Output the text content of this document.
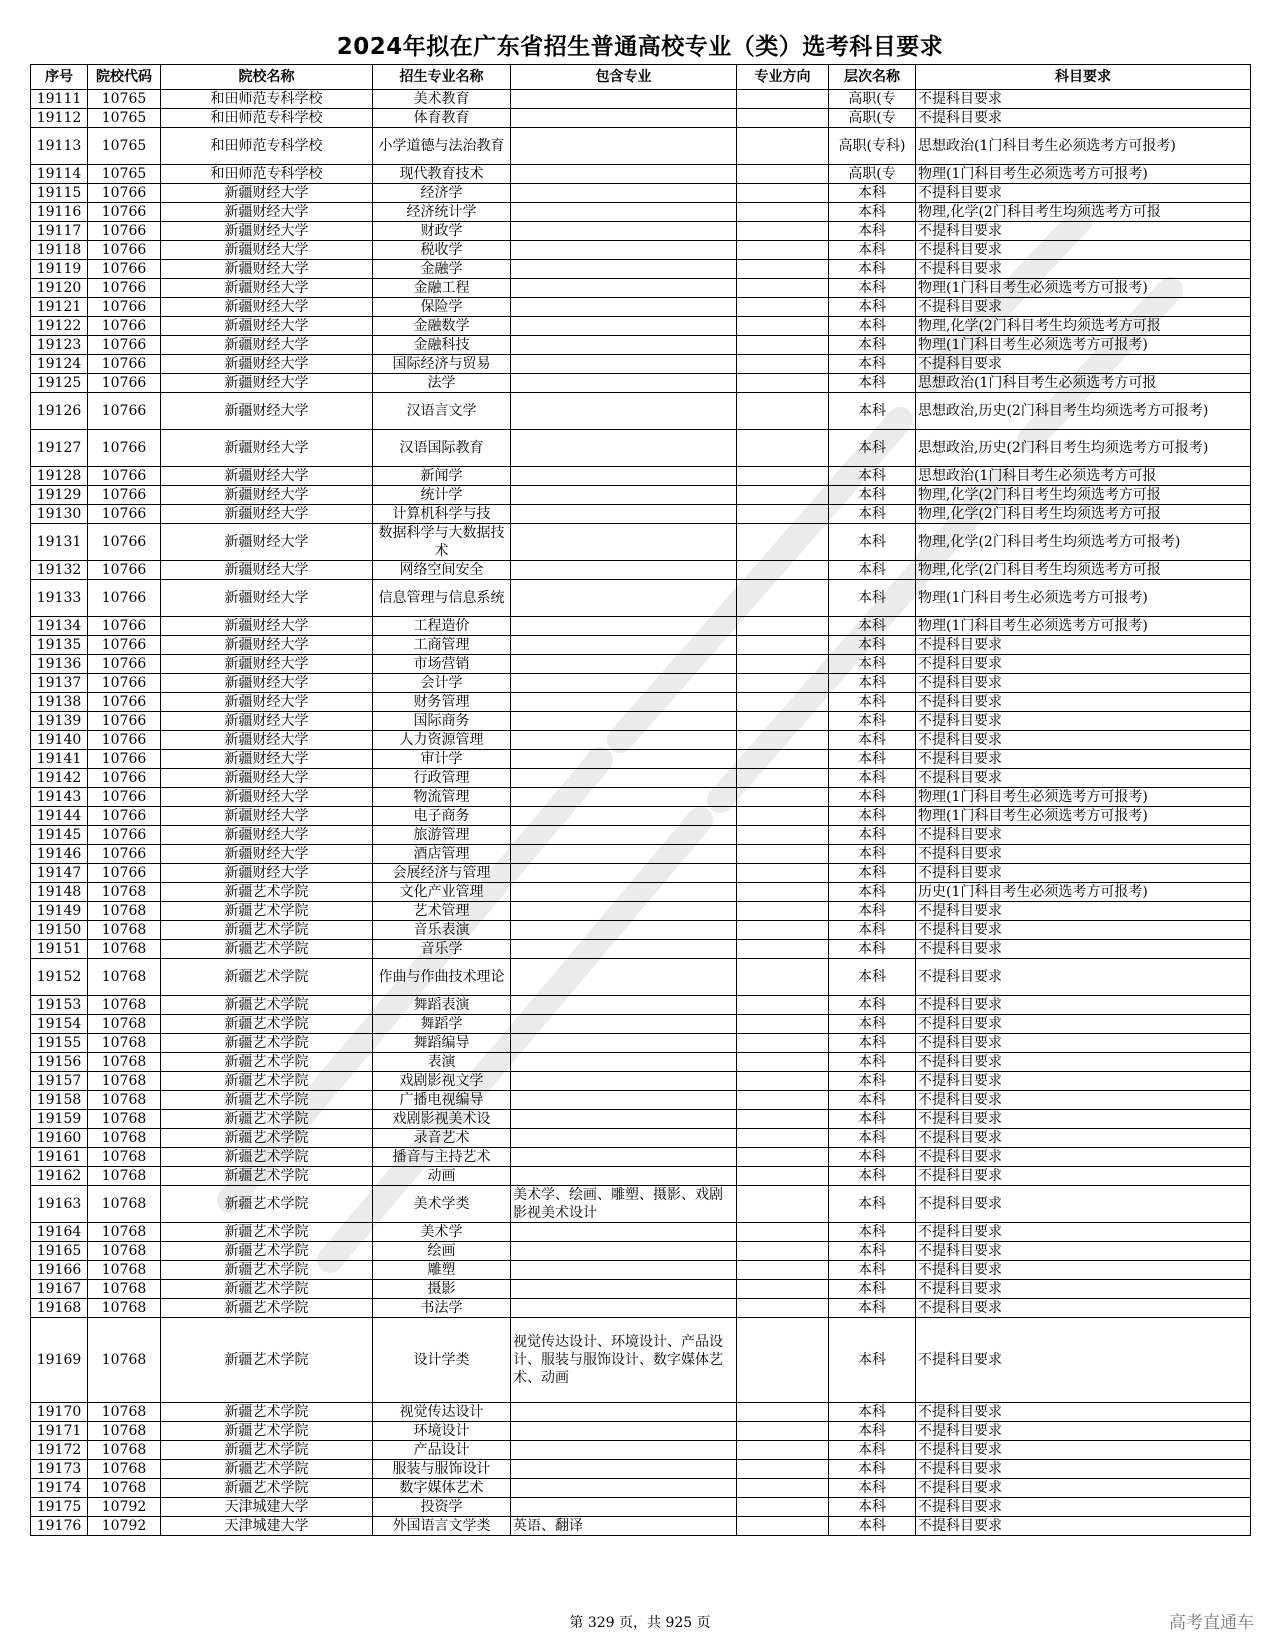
2024年拟在广东省招生普通高校专业（类）选考科目要求
序号	院校代码	院校名称	招生专业名称	包含专业	专业方向	层次名称	科目要求
19111	10765	和田师范专科学校	美术教育			高职(专	不提科目要求
19112	10765	和田师范专科学校	体育教育			高职(专	不提科目要求
19113	10765	和田师范专科学校	小学道德与法治教育			高职(专科)	思想政治(1门科目考生必须选考方可报考)
19114	10765	和田师范专科学校	现代教育技术			高职(专	物理(1门科目考生必须选考方可报考)
19115	10766	新疆财经大学	经济学			本科	不提科目要求
19116	10766	新疆财经大学	经济统计学			本科	物理,化学(2门科目考生均须选考方可报
19117	10766	新疆财经大学	财政学			本科	不提科目要求
19118	10766	新疆财经大学	税收学			本科	不提科目要求
19119	10766	新疆财经大学	金融学			本科	不提科目要求
19120	10766	新疆财经大学	金融工程			本科	物理(1门科目考生必须选考方可报考)
19121	10766	新疆财经大学	保险学			本科	不提科目要求
19122	10766	新疆财经大学	金融数学			本科	物理,化学(2门科目考生均须选考方可报
19123	10766	新疆财经大学	金融科技			本科	物理(1门科目考生必须选考方可报考)
19124	10766	新疆财经大学	国际经济与贸易			本科	不提科目要求
19125	10766	新疆财经大学	法学			本科	思想政治(1门科目考生必须选考方可报
19126	10766	新疆财经大学	汉语言文学			本科	思想政治,历史(2门科目考生均须选考方可报考)
19127	10766	新疆财经大学	汉语国际教育			本科	思想政治,历史(2门科目考生均须选考方可报考)
19128	10766	新疆财经大学	新闻学			本科	思想政治(1门科目考生必须选考方可报
19129	10766	新疆财经大学	统计学			本科	物理,化学(2门科目考生均须选考方可报
19130	10766	新疆财经大学	计算机科学与技			本科	物理,化学(2门科目考生均须选考方可报
19131	10766	新疆财经大学	数据科学与大数据技术			本科	物理,化学(2门科目考生均须选考方可报考)
19132	10766	新疆财经大学	网络空间安全			本科	物理,化学(2门科目考生均须选考方可报
19133	10766	新疆财经大学	信息管理与信息系统			本科	物理(1门科目考生必须选考方可报考)
19134	10766	新疆财经大学	工程造价			本科	物理(1门科目考生必须选考方可报考)
19135	10766	新疆财经大学	工商管理			本科	不提科目要求
19136	10766	新疆财经大学	市场营销			本科	不提科目要求
19137	10766	新疆财经大学	会计学			本科	不提科目要求
19138	10766	新疆财经大学	财务管理			本科	不提科目要求
19139	10766	新疆财经大学	国际商务			本科	不提科目要求
19140	10766	新疆财经大学	人力资源管理			本科	不提科目要求
19141	10766	新疆财经大学	审计学			本科	不提科目要求
19142	10766	新疆财经大学	行政管理			本科	不提科目要求
19143	10766	新疆财经大学	物流管理			本科	物理(1门科目考生必须选考方可报考)
19144	10766	新疆财经大学	电子商务			本科	物理(1门科目考生必须选考方可报考)
19145	10766	新疆财经大学	旅游管理			本科	不提科目要求
19146	10766	新疆财经大学	酒店管理			本科	不提科目要求
19147	10766	新疆财经大学	会展经济与管理			本科	不提科目要求
19148	10768	新疆艺术学院	文化产业管理			本科	历史(1门科目考生必须选考方可报考)
19149	10768	新疆艺术学院	艺术管理			本科	不提科目要求
19150	10768	新疆艺术学院	音乐表演			本科	不提科目要求
19151	10768	新疆艺术学院	音乐学			本科	不提科目要求
19152	10768	新疆艺术学院	作曲与作曲技术理论			本科	不提科目要求
19153	10768	新疆艺术学院	舞蹈表演			本科	不提科目要求
19154	10768	新疆艺术学院	舞蹈学			本科	不提科目要求
19155	10768	新疆艺术学院	舞蹈编导			本科	不提科目要求
19156	10768	新疆艺术学院	表演			本科	不提科目要求
19157	10768	新疆艺术学院	戏剧影视文学			本科	不提科目要求
19158	10768	新疆艺术学院	广播电视编导			本科	不提科目要求
19159	10768	新疆艺术学院	戏剧影视美术设			本科	不提科目要求
19160	10768	新疆艺术学院	录音艺术			本科	不提科目要求
19161	10768	新疆艺术学院	播音与主持艺术			本科	不提科目要求
19162	10768	新疆艺术学院	动画			本科	不提科目要求
19163	10768	新疆艺术学院	美术学类	美术学、绘画、雕塑、摄影、戏剧影视美术设计		本科	不提科目要求
19164	10768	新疆艺术学院	美术学			本科	不提科目要求
19165	10768	新疆艺术学院	绘画			本科	不提科目要求
19166	10768	新疆艺术学院	雕塑			本科	不提科目要求
19167	10768	新疆艺术学院	摄影			本科	不提科目要求
19168	10768	新疆艺术学院	书法学			本科	不提科目要求
19169	10768	新疆艺术学院	设计学类	视觉传达设计、环境设计、产品设计、服装与服饰设计、数字媒体艺术、动画		本科	不提科目要求
19170	10768	新疆艺术学院	视觉传达设计			本科	不提科目要求
19171	10768	新疆艺术学院	环境设计			本科	不提科目要求
19172	10768	新疆艺术学院	产品设计			本科	不提科目要求
19173	10768	新疆艺术学院	服装与服饰设计			本科	不提科目要求
19174	10768	新疆艺术学院	数字媒体艺术			本科	不提科目要求
19175	10792	天津城建大学	投资学			本科	不提科目要求
19176	10792	天津城建大学	外国语言文学类	英语、翻译		本科	不提科目要求
第 329 页，共 925 页	高考直通车
